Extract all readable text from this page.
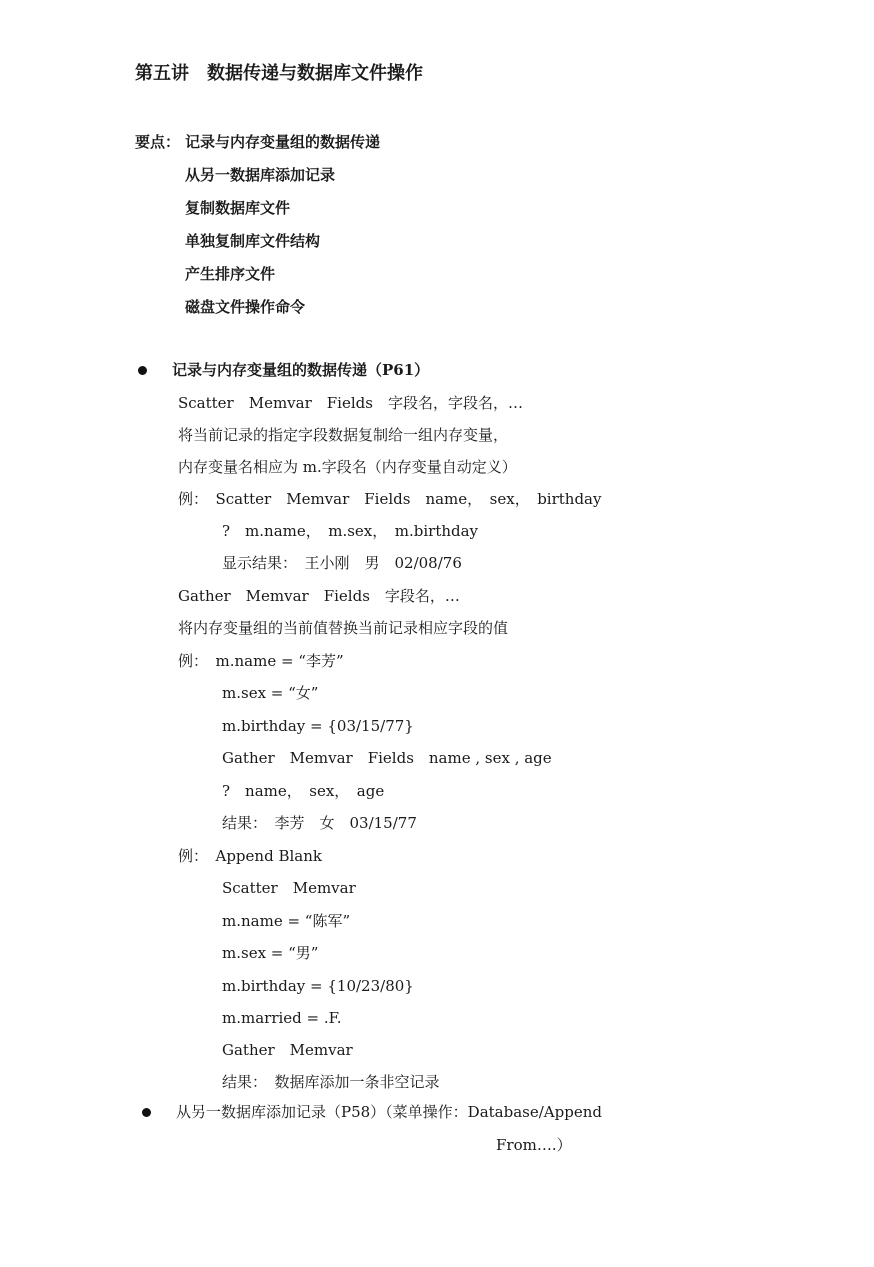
第五讲　数据传递与数据库文件操作
要点： 记录与内存变量组的数据传递
从另一数据库添加记录
复制数据库文件
单独复制库文件结构
产生排序文件
磁盘文件操作命令
记录与内存变量组的数据传递（P61）
Scatter　Memvar　Fields　字段名，字段名，…
将当前记录的指定字段数据复制给一组内存变量，
内存变量名相应为 m.字段名（内存变量自动定义）
例：　Scatter　Memvar　Fields　name，　sex，　birthday
?　m.name，　m.sex，　m.birthday
显示结果：　王小刚　男　02/08/76
Gather　Memvar　Fields　字段名，…
将内存变量组的当前值替换当前记录相应字段的值
例：　m.name = “李芳”
m.sex = “女”
m.birthday = {03/15/77}
Gather　Memvar　Fields　name , sex , age
?　name，　sex，　age
结果：　李芳　女　03/15/77
例：　Append Blank
Scatter　Memvar
m.name = “陈军”
m.sex = “男”
m.birthday = {10/23/80}
m.married = .F.
Gather　Memvar
结果：　数据库添加一条非空记录
从另一数据库添加记录（P58）（菜单操作：Database/Append
From….）
